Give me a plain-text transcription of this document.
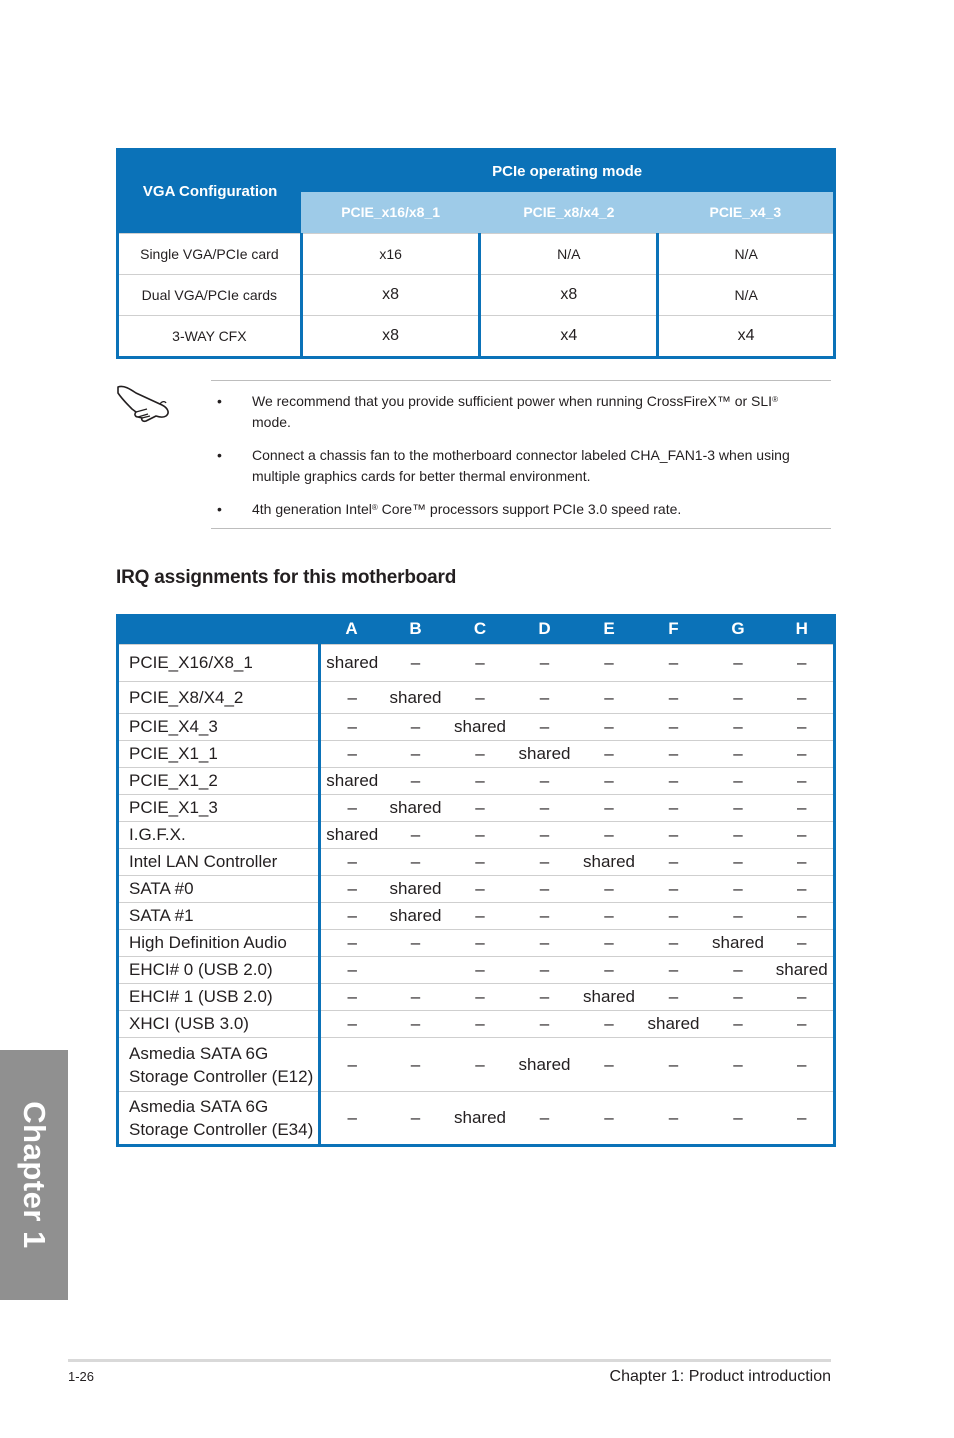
VGA Configuration	PCIe operating mode		
	PCIE_x16/x8_1	PCIE_x8/x4_2	PCIE_x4_3
Single VGA/PCIe card	x16	N/A	N/A
Dual VGA/PCIe cards	x8	x8	N/A
3-WAY CFX	x8	x4	x4
• We recommend that you provide sufficient power when running CrossFireX™ or SLI®
mode.
• Connect a chassis fan to the motherboard connector labeled CHA_FAN1-3 when using multiple graphics cards for better thermal environment.
• 4th generation Intel® Core™ processors support PCIe 3.0 speed rate.
IRQ assignments for this motherboard
	A	B	C	D	E	F	G	H
PCIE_X16/X8_1	shared	–	–	–	–	–	–	–
PCIE_X8/X4_2	–	shared	–	–	–	–	–	–
PCIE_X4_3	–	–	shared	–	–	–	–	–
PCIE_X1_1	–	–	–	shared	–	–	–	–
PCIE_X1_2	shared	–	–	–	–	–	–	–
PCIE_X1_3	–	shared	–	–	–	–	–	–
I.G.F.X.	shared	–	–	–	–	–	–	–
Intel LAN Controller	–	–	–	–	shared	–	–	–
SATA #0	–	shared	–	–	–	–	–	–
SATA #1	–	shared	–	–	–	–	–	–
High Definition Audio	–	–	–	–	–	–	shared	–
EHCI# 0 (USB 2.0)	–		–	–	–	–	–	shared
EHCI# 1 (USB 2.0)	–	–	–	–	shared	–	–	–
XHCI (USB 3.0)	–	–	–	–	–	shared	–	–
Asmedia SATA 6G Storage Controller (E12)	–	–	–	shared	–	–	–	–
Asmedia SATA 6G Storage Controller (E34)	–	–	shared	–	–	–	–	–
Chapter 1
1-26	Chapter 1: Product introduction
